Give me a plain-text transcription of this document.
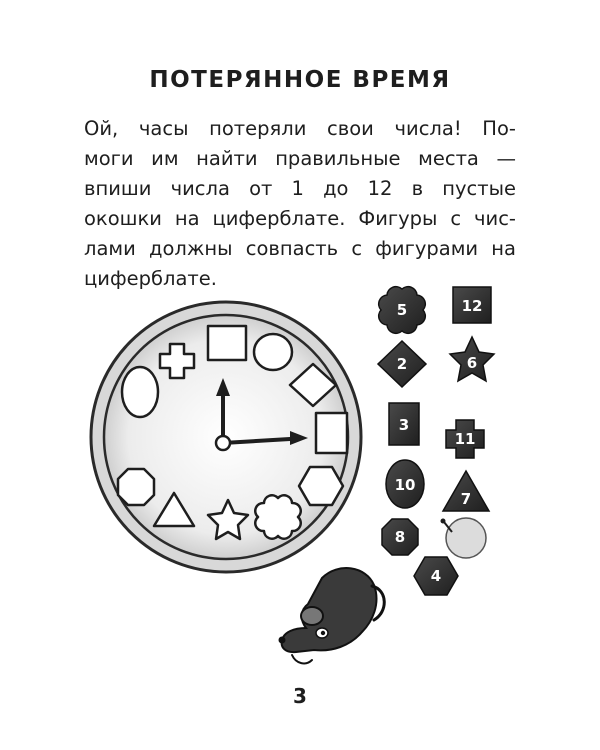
ПОТЕРЯННОЕ ВРЕМЯ
Ой, часы потеряли свои числа! По-
моги им найти правильные места —
впиши числа от 1 до 12 в пустые
окошки на циферблате. Фигуры с чис-
лами должны совпасть с фигурами на
циферблате.
5	12
2	6
3
11
10
7
8
4
3
